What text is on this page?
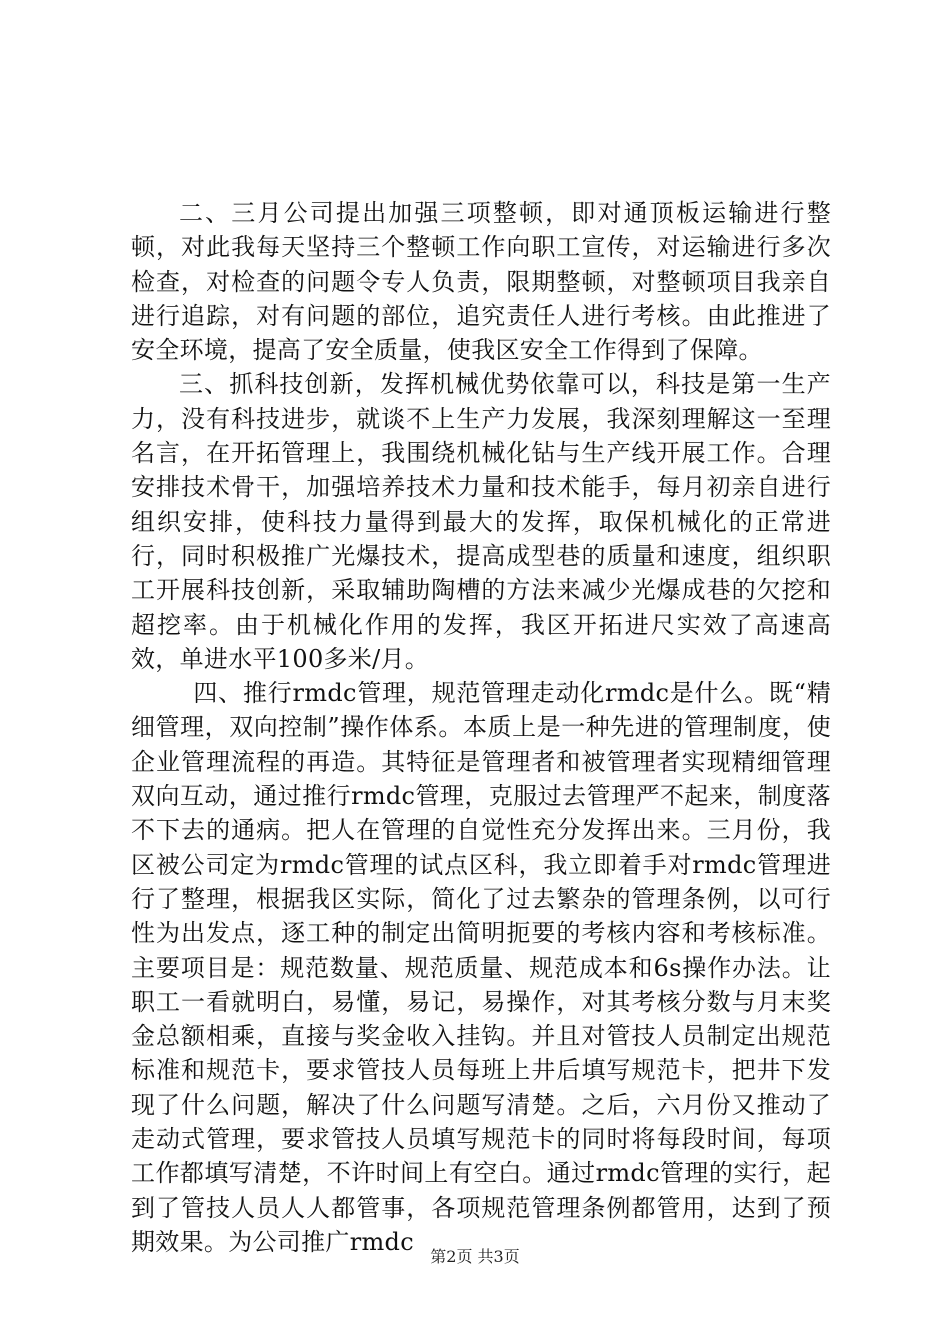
二、三月公司提出加强三项整顿，即对通顶板运输进行整顿，对此我每天坚持三个整顿工作向职工宣传，对运输进行多次检查，对检查的问题令专人负责，限期整顿，对整顿项目我亲自进行追踪，对有问题的部位，追究责任人进行考核。由此推进了安全环境，提高了安全质量，使我区安全工作得到了保障。

三、抓科技创新，发挥机械优势依靠可以，科技是第一生产力，没有科技进步，就谈不上生产力发展，我深刻理解这一至理名言，在开拓管理上，我围绕机械化钻与生产线开展工作。合理安排技术骨干，加强培养技术力量和技术能手，每月初亲自进行组织安排，使科技力量得到最大的发挥，取保机械化的正常进行，同时积极推广光爆技术，提高成型巷的质量和速度，组织职工开展科技创新，采取辅助陶槽的方法来减少光爆成巷的欠挖和超挖率。由于机械化作用的发挥，我区开拓进尺实效了高速高效，单进水平100多米/月。

四、推行rmdc管理，规范管理走动化rmdc是什么。既“精细管理，双向控制”操作体系。本质上是一种先进的管理制度，使企业管理流程的再造。其特征是管理者和被管理者实现精细管理双向互动，通过推行rmdc管理，克服过去管理严不起来，制度落不下去的通病。把人在管理的自觉性充分发挥出来。三月份，我区被公司定为rmdc管理的试点区科，我立即着手对rmdc管理进行了整理，根据我区实际，简化了过去繁杂的管理条例，以可行性为出发点，逐工种的制定出简明扼要的考核内容和考核标准。主要项目是：规范数量、规范质量、规范成本和6s操作办法。让职工一看就明白，易懂，易记，易操作，对其考核分数与月末奖金总额相乘，直接与奖金收入挂钩。并且对管技人员制定出规范标准和规范卡，要求管技人员每班上井后填写规范卡，把井下发现了什么问题，解决了什么问题写清楚。之后，六月份又推动了走动式管理，要求管技人员填写规范卡的同时将每段时间，每项工作都填写清楚，不许时间上有空白。通过rmdc管理的实行，起到了管技人员人人都管事，各项规范管理条例都管用，达到了预期效果。为公司推广rmdc

第2页 共3页
